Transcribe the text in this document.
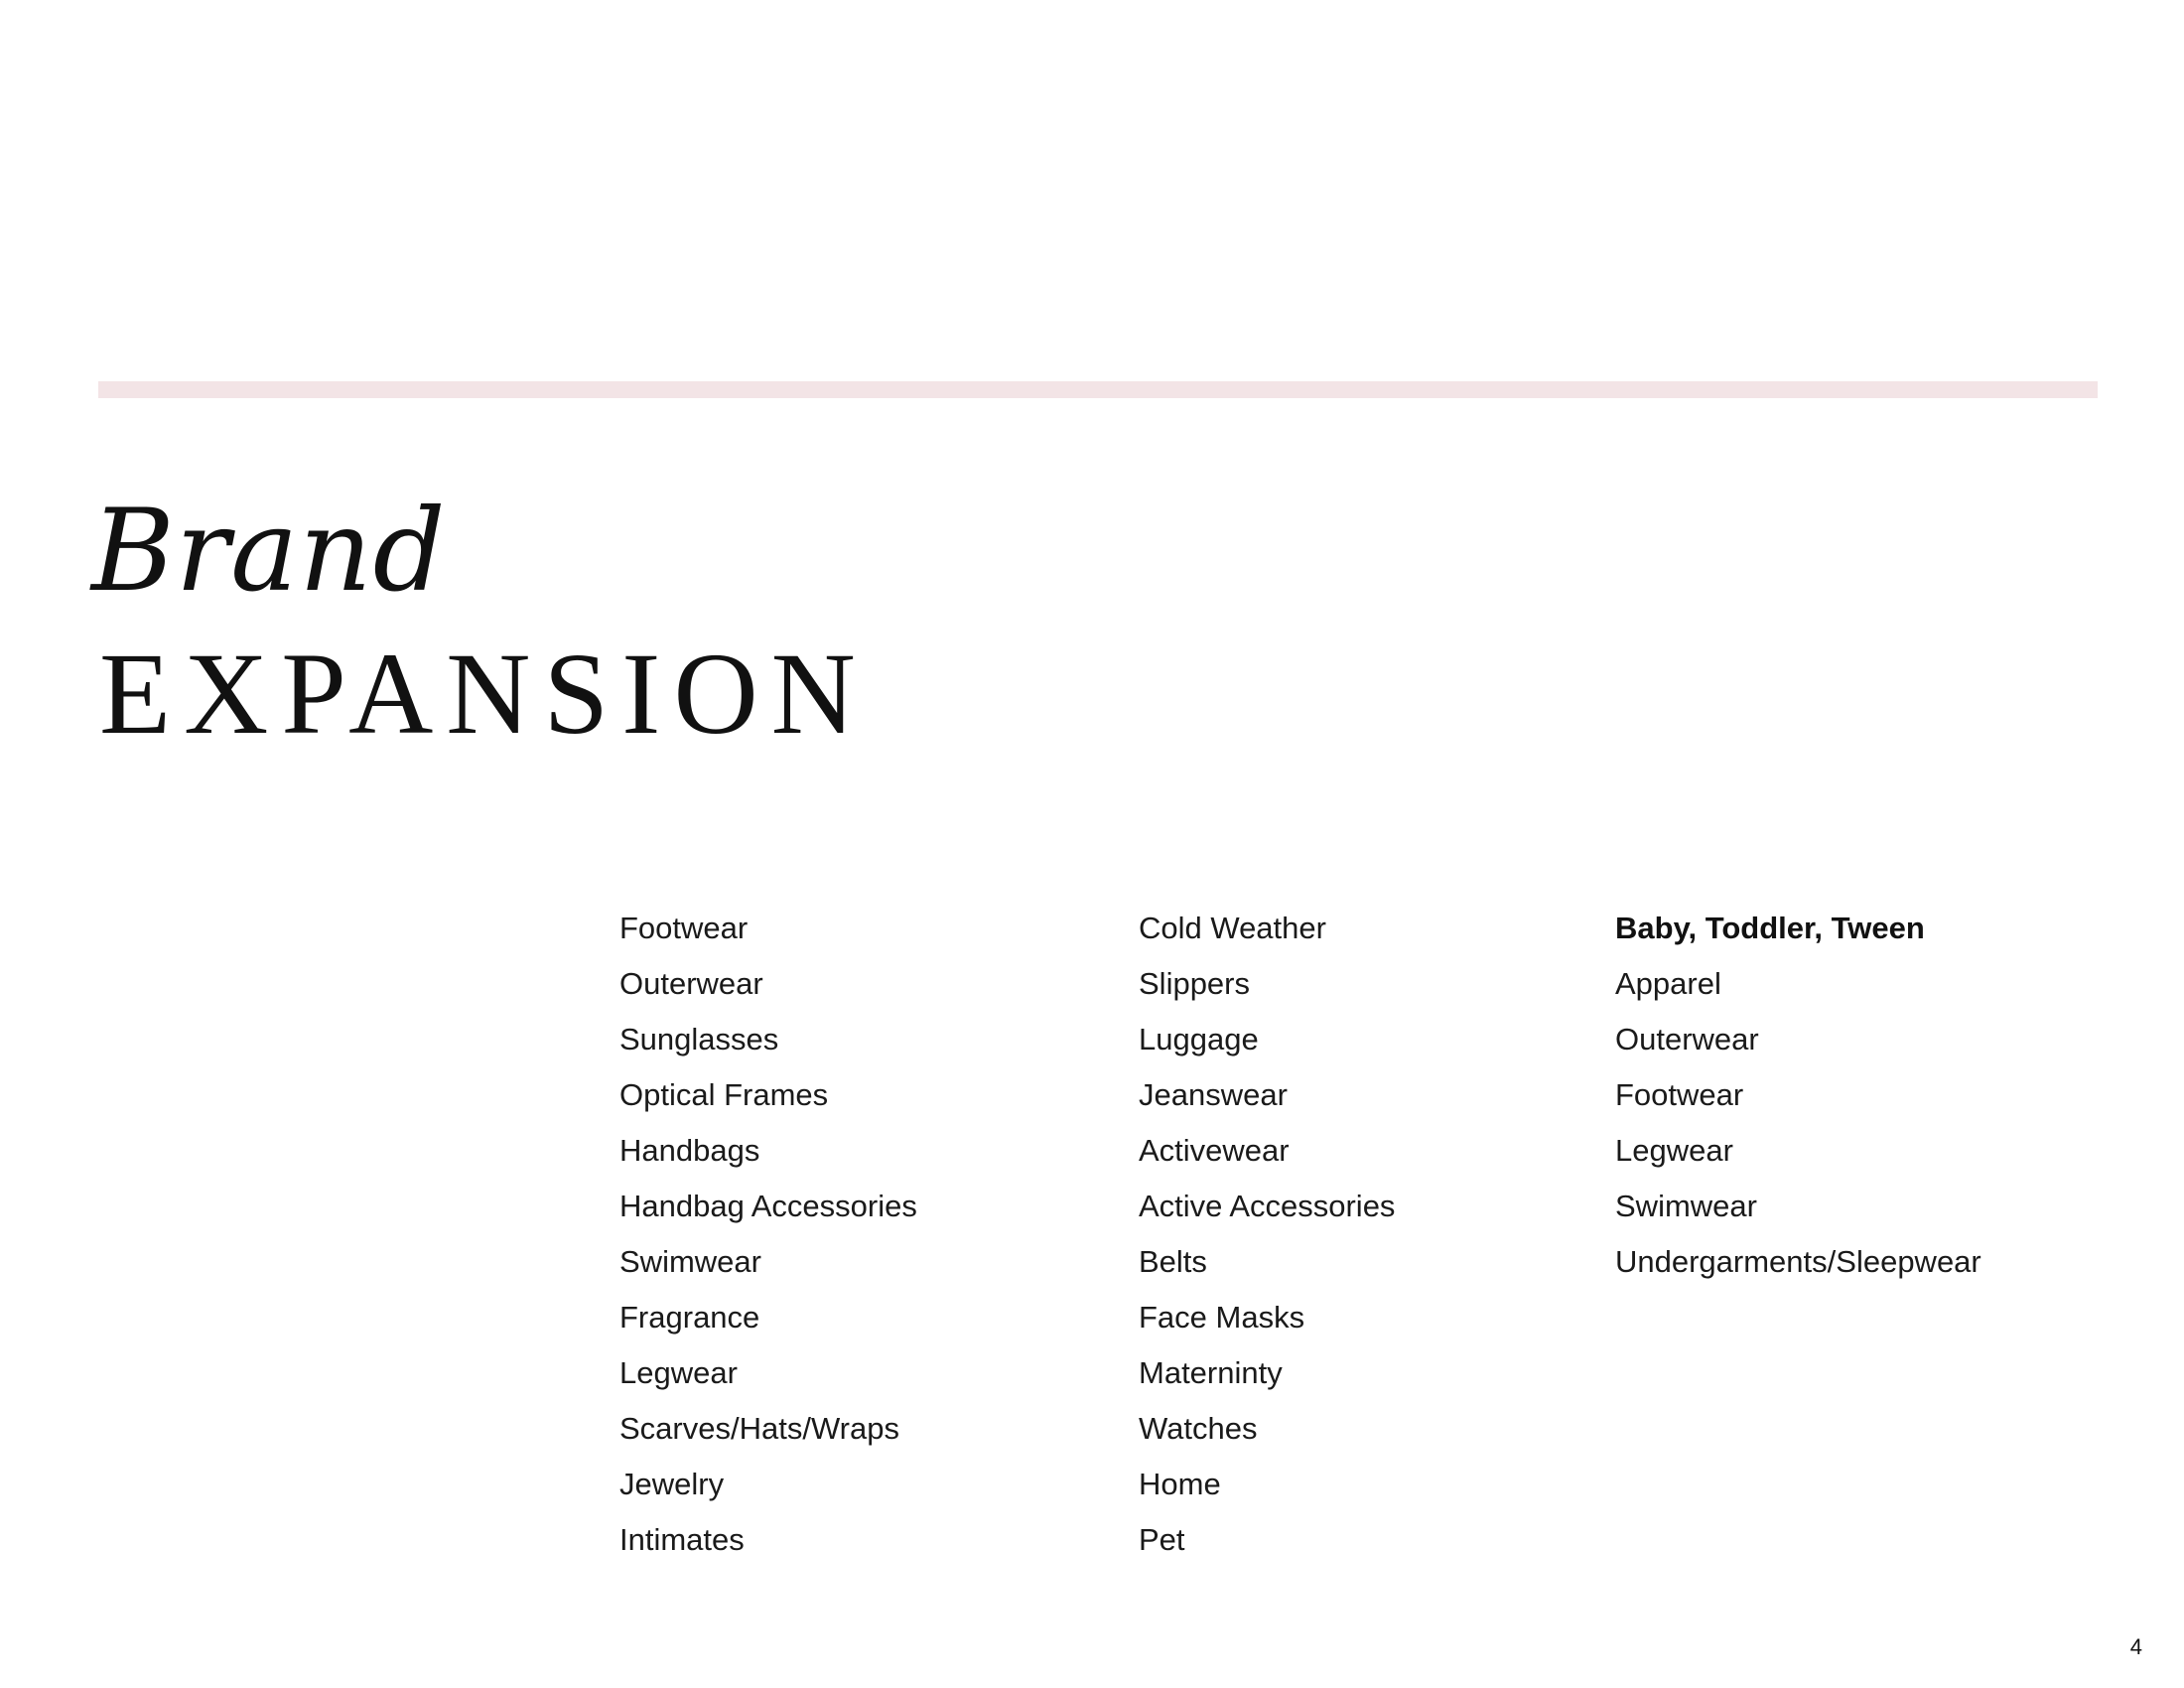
Brand
EXPANSION
Footwear
Outerwear
Sunglasses
Optical Frames
Handbags
Handbag Accessories
Swimwear
Fragrance
Legwear
Scarves/Hats/Wraps
Jewelry
Intimates
Cold Weather
Slippers
Luggage
Jeanswear
Activewear
Active Accessories
Belts
Face Masks
Materninty
Watches
Home
Pet
Baby, Toddler, Tween
Apparel
Outerwear
Footwear
Legwear
Swimwear
Undergarments/Sleepwear
4
